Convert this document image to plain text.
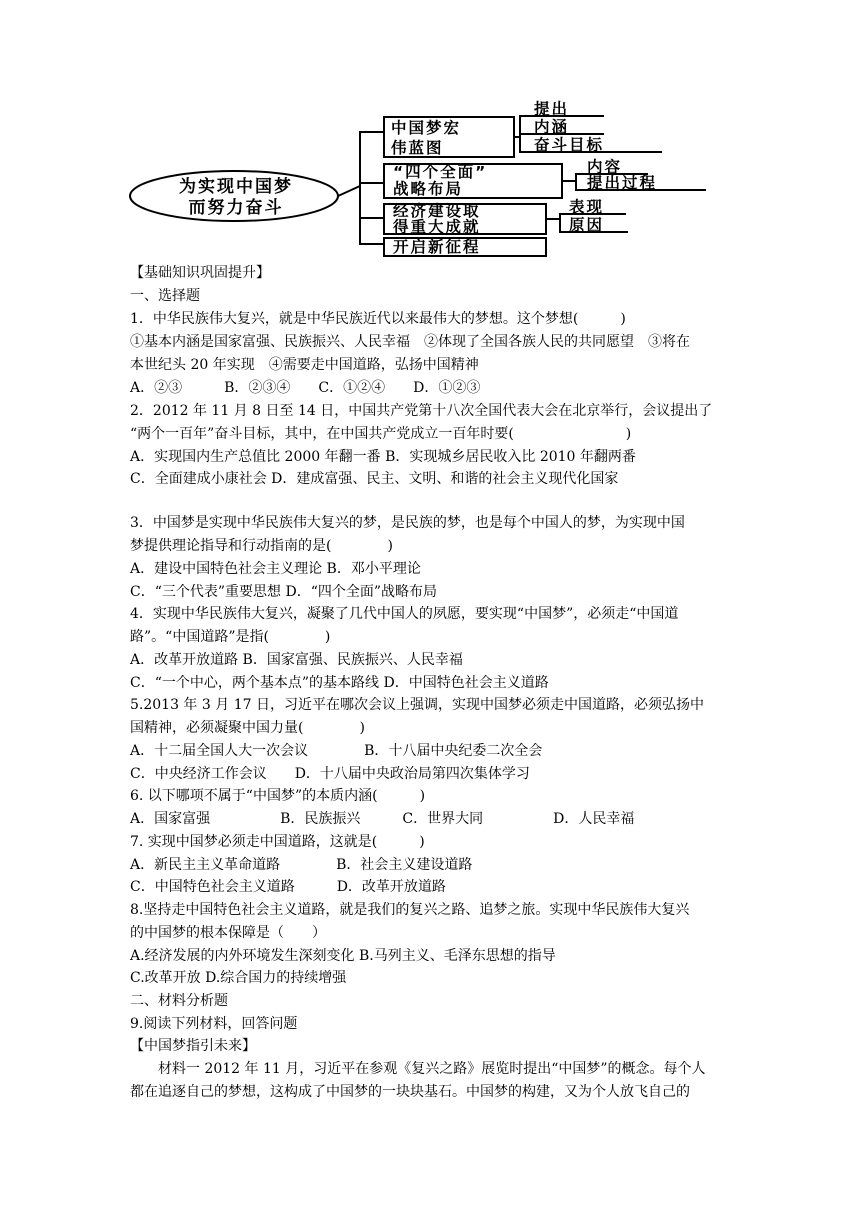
为实现中国梦
而努力奋斗
中国梦宏
伟蓝图
提出
内涵
奋斗目标
“四个全面”
战略布局
内容
提出过程
经济建设取
得重大成就
表现
原因
开启新征程
【基础知识巩固提升】
一、选择题
1．中华民族伟大复兴，就是中华民族近代以来最伟大的梦想。这个梦想(　　　)
①基本内涵是国家富强、民族振兴、人民幸福　②体现了全国各族人民的共同愿望　③将在
本世纪头 20 年实现　④需要走中国道路，弘扬中国精神
A．②③　　　B．②③④　　C．①②④　　D．①②③
2．2012 年 11 月 8 日至 14 日，中国共产党第十八次全国代表大会在北京举行，会议提出了
“两个一百年”奋斗目标，其中，在中国共产党成立一百年时要(　　　　　　　　)
A．实现国内生产总值比 2000 年翻一番 B．实现城乡居民收入比 2010 年翻两番
C．全面建成小康社会 D．建成富强、民主、文明、和谐的社会主义现代化国家
3．中国梦是实现中华民族伟大复兴的梦，是民族的梦，也是每个中国人的梦，为实现中国
梦提供理论指导和行动指南的是(　　　　)
A．建设中国特色社会主义理论 B．邓小平理论
C．“三个代表”重要思想 D．“四个全面”战略布局
4．实现中华民族伟大复兴，凝聚了几代中国人的夙愿，要实现“中国梦”，必须走“中国道
路”。“中国道路”是指(　　　　)
A．改革开放道路 B．国家富强、民族振兴、人民幸福
C．“一个中心，两个基本点”的基本路线 D．中国特色社会主义道路
5.2013 年 3 月 17 日，习近平在哪次会议上强调，实现中国梦必须走中国道路，必须弘扬中
国精神，必须凝聚中国力量(　　　　)
A．十二届全国人大一次会议　　　　B．十八届中央纪委二次全会
C．中央经济工作会议　　D．十八届中央政治局第四次集体学习
6. 以下哪项不属于“中国梦”的本质内涵(　　　)
A．国家富强　　　　　B．民族振兴　　　C．世界大同　　　　　D．人民幸福
7. 实现中国梦必须走中国道路，这就是(　　　)
A．新民主主义革命道路　　　　B．社会主义建设道路
C．中国特色社会主义道路　　　D．改革开放道路
8.坚持走中国特色社会主义道路，就是我们的复兴之路、追梦之旅。实现中华民族伟大复兴
的中国梦的根本保障是（　　）
A.经济发展的内外环境发生深刻变化 B.马列主义、毛泽东思想的指导
C.改革开放 D.综合国力的持续增强
二、材料分析题
9.阅读下列材料，回答问题
【中国梦指引未来】
　　材料一 2012 年 11 月，习近平在参观《复兴之路》展览时提出“中国梦”的概念。每个人
都在追逐自己的梦想，这构成了中国梦的一块块基石。中国梦的构建，又为个人放飞自己的
